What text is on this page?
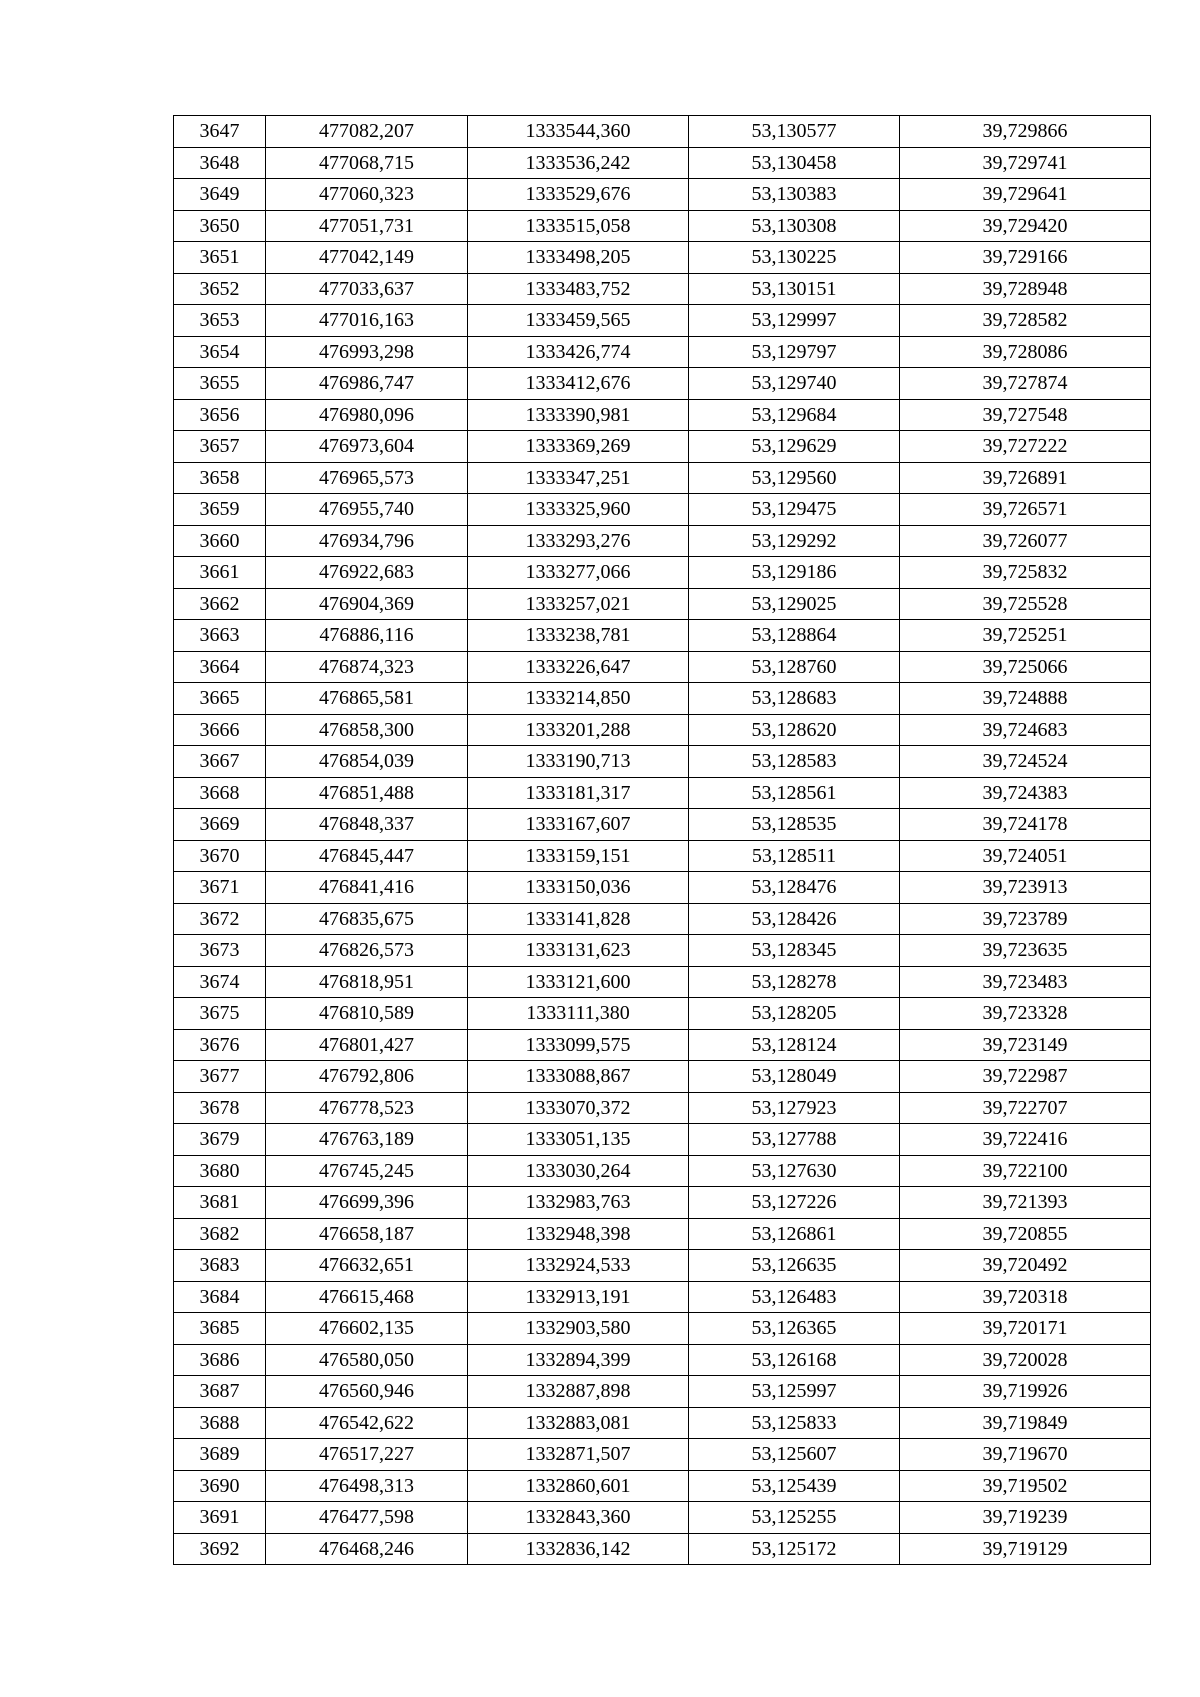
3647	477082,207	1333544,360	53,130577	39,729866
3648	477068,715	1333536,242	53,130458	39,729741
3649	477060,323	1333529,676	53,130383	39,729641
3650	477051,731	1333515,058	53,130308	39,729420
3651	477042,149	1333498,205	53,130225	39,729166
3652	477033,637	1333483,752	53,130151	39,728948
3653	477016,163	1333459,565	53,129997	39,728582
3654	476993,298	1333426,774	53,129797	39,728086
3655	476986,747	1333412,676	53,129740	39,727874
3656	476980,096	1333390,981	53,129684	39,727548
3657	476973,604	1333369,269	53,129629	39,727222
3658	476965,573	1333347,251	53,129560	39,726891
3659	476955,740	1333325,960	53,129475	39,726571
3660	476934,796	1333293,276	53,129292	39,726077
3661	476922,683	1333277,066	53,129186	39,725832
3662	476904,369	1333257,021	53,129025	39,725528
3663	476886,116	1333238,781	53,128864	39,725251
3664	476874,323	1333226,647	53,128760	39,725066
3665	476865,581	1333214,850	53,128683	39,724888
3666	476858,300	1333201,288	53,128620	39,724683
3667	476854,039	1333190,713	53,128583	39,724524
3668	476851,488	1333181,317	53,128561	39,724383
3669	476848,337	1333167,607	53,128535	39,724178
3670	476845,447	1333159,151	53,128511	39,724051
3671	476841,416	1333150,036	53,128476	39,723913
3672	476835,675	1333141,828	53,128426	39,723789
3673	476826,573	1333131,623	53,128345	39,723635
3674	476818,951	1333121,600	53,128278	39,723483
3675	476810,589	1333111,380	53,128205	39,723328
3676	476801,427	1333099,575	53,128124	39,723149
3677	476792,806	1333088,867	53,128049	39,722987
3678	476778,523	1333070,372	53,127923	39,722707
3679	476763,189	1333051,135	53,127788	39,722416
3680	476745,245	1333030,264	53,127630	39,722100
3681	476699,396	1332983,763	53,127226	39,721393
3682	476658,187	1332948,398	53,126861	39,720855
3683	476632,651	1332924,533	53,126635	39,720492
3684	476615,468	1332913,191	53,126483	39,720318
3685	476602,135	1332903,580	53,126365	39,720171
3686	476580,050	1332894,399	53,126168	39,720028
3687	476560,946	1332887,898	53,125997	39,719926
3688	476542,622	1332883,081	53,125833	39,719849
3689	476517,227	1332871,507	53,125607	39,719670
3690	476498,313	1332860,601	53,125439	39,719502
3691	476477,598	1332843,360	53,125255	39,719239
3692	476468,246	1332836,142	53,125172	39,719129
